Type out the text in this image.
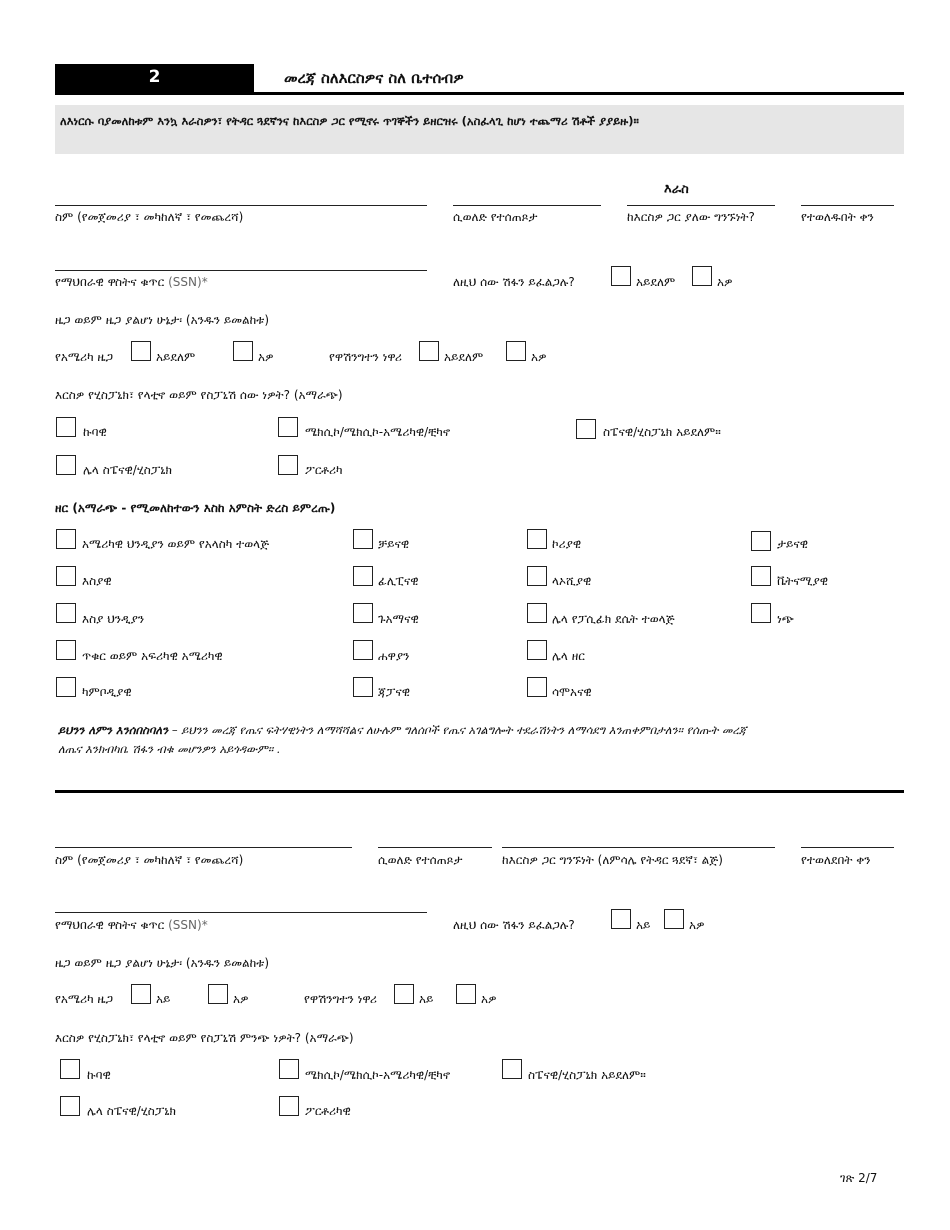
2	መረጃ ስለእርስዎና ስለ ቤተሰብዎ
ለእነርሱ ባያመለከቱም እንኳ እራስዎን፣ የትዳር ጓደኛንና ከእርስዎ ጋር የሚኖሩ ጥገኞችን ይዘርዝሩ (አስፈላጊ ከሆነ ተጨማሪ ሽቶች ያያይዙ)።
እራስ
ስም (የመጀመሪያ ፣ መካከለኛ ፣ የመጨረሻ)	ሲወለድ የተሰጠጾታ	ከእርስዎ ጋር ያለው ግንኙነት?	የተወለዱበት ቀን
የማህበራዊ ዋስትና ቁጥር (SSN)*	ለዚህ ሰው ሽፋን ይፈልጋሉ?	አይደለም	አዎ
ዜጋ ወይም ዜጋ ያልሆነ ሁኔታ፡ (አንዱን ይመልከቱ)
የአሜሪካ ዜጋ	አይደለም	አዎ	የዋሽንግተን ነዋሪ	አይደለም	አዎ
እርስዎ የሂስፓኒክ፣ የላቲኖ ወይም የስፓኒሽ ሰው ነዎት? (አማራጭ)
ኩባዊ	ሜክሲኮ/ሜክሲኮ-አሜሪካዊ/ቺካኖ	ስፔናዊ/ሂስፓኒክ አይደለም።
ሌላ ስፔናዊ/ሂስፓኒክ	ፖርቶሪካ
ዘር (አማራጭ - የሚመለከተውን እስከ አምስት ድረስ ይምረጡ)
አሜሪካዊ ህንዲያን ወይም የአላስካ ተወላጅ	ቻይናዊ	ኮሪያዊ	ታይናዊ
እስያዊ	ፊሊፒናዊ	ላኦሺያዊ	ቬትናሚያዊ
እስያ ህንዲያን	ጉአማናዊ	ሌላ የፓሲፊክ ደሴት ተወላጅ	ነጭ
ጥቁር ወይም አፍሪካዊ አሜሪካዊ	ሐዋያን	ሌላ ዘር
ካምቦዲያዊ	ጃፓናዊ	ሳሞአናዊ
ይህንን ለምን እንሰበስባለን – ይህንን መረጃ የጤና ፍትሃዊነትን ለማሻሻልና ለሁሉም ግለሰቦች የጤና አገልግሎት ተደራሽነትን ለማሳደግ እንጠቀምበታለን። የሰጡት መረጃ
ለጤና እንክብካቤ ሽፋን ብቁ መሆንዎን አይጎዳውም። .
ስም (የመጀመሪያ ፣ መካከለኛ ፣ የመጨረሻ)	ሲወለድ የተሰጠጾታ	ከእርስዎ ጋር ግንኙነት (ለምሳሌ የትዳር ጓደኛ፣ ልጅ)	የተወለደበት ቀን
የማህበራዊ ዋስትና ቁጥር (SSN)*	ለዚህ ሰው ሽፋን ይፈልጋሉ?	አይ	አዎ
ዜጋ ወይም ዜጋ ያልሆነ ሁኔታ፡ (አንዱን ይመልከቱ)
የአሜሪካ ዜጋ	አይ	አዎ	የዋሽንግተን ነዋሪ	አይ	አዎ
እርስዎ የሂስፓኒክ፣ የላቲኖ ወይም የስፓኒሽ ምንጭ ነዎት? (አማራጭ)
ኩባዊ	ሜክሲኮ/ሜክሲኮ-አሜሪካዊ/ቺካኖ	ስፔናዊ/ሂስፓኒክ አይደለም።
ሌላ ስፔናዊ/ሂስፓኒክ	ፖርቶሪካዊ
ገጽ 2/7
